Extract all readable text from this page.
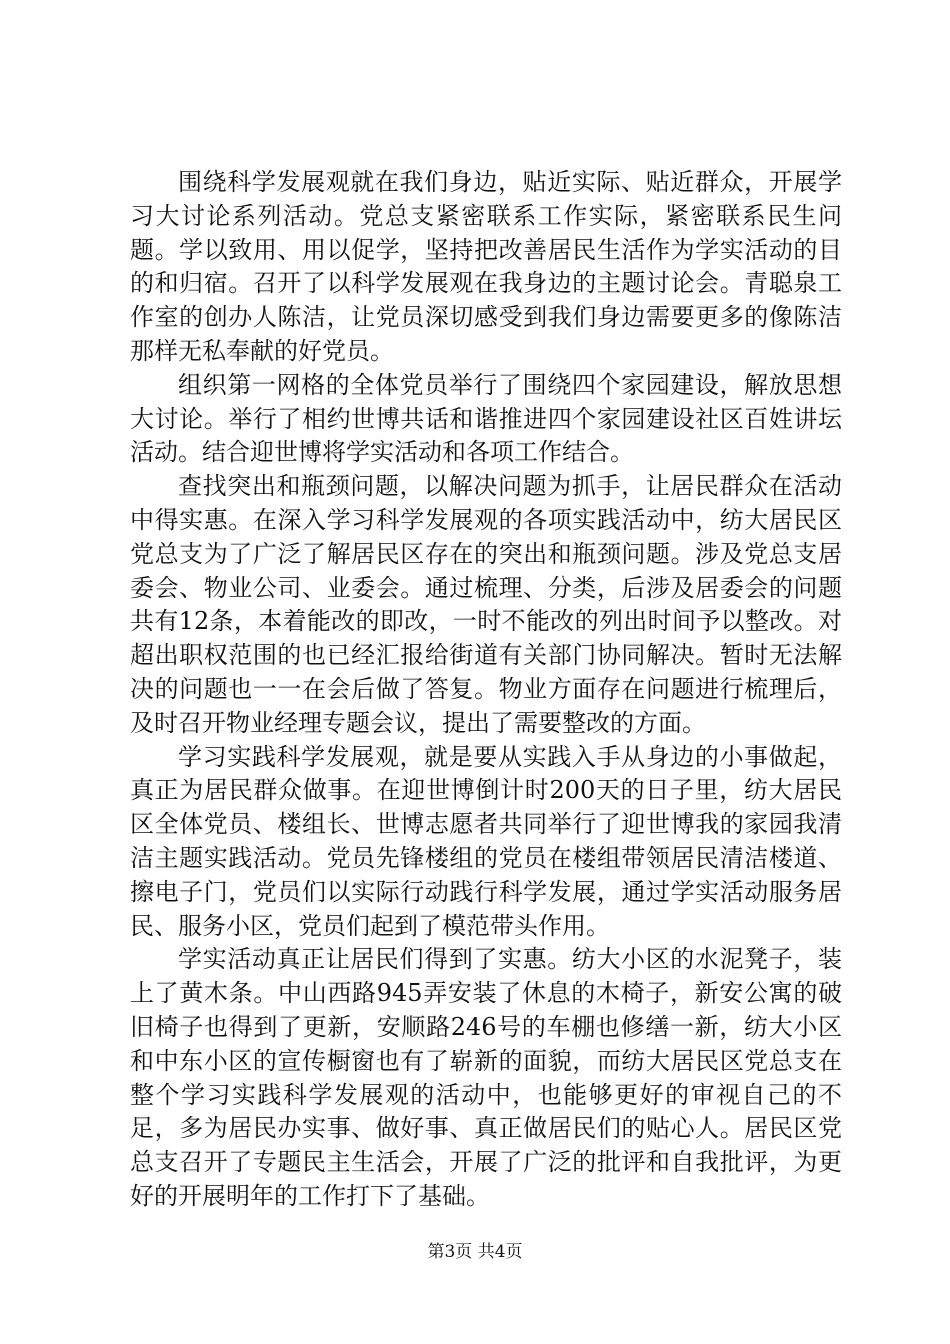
围绕科学发展观就在我们身边，贴近实际、贴近群众，开展学习大讨论系列活动。党总支紧密联系工作实际，紧密联系民生问题。学以致用、用以促学，坚持把改善居民生活作为学实活动的目的和归宿。召开了以科学发展观在我身边的主题讨论会。青聪泉工作室的创办人陈洁，让党员深切感受到我们身边需要更多的像陈洁那样无私奉献的好党员。

组织第一网格的全体党员举行了围绕四个家园建设，解放思想大讨论。举行了相约世博共话和谐推进四个家园建设社区百姓讲坛活动。结合迎世博将学实活动和各项工作结合。

查找突出和瓶颈问题，以解决问题为抓手，让居民群众在活动中得实惠。在深入学习科学发展观的各项实践活动中，纺大居民区党总支为了广泛了解居民区存在的突出和瓶颈问题。涉及党总支居委会、物业公司、业委会。通过梳理、分类，后涉及居委会的问题共有12条，本着能改的即改，一时不能改的列出时间予以整改。对超出职权范围的也已经汇报给街道有关部门协同解决。暂时无法解决的问题也一一在会后做了答复。物业方面存在问题进行梳理后，及时召开物业经理专题会议，提出了需要整改的方面。

学习实践科学发展观，就是要从实践入手从身边的小事做起，真正为居民群众做事。在迎世博倒计时200天的日子里，纺大居民区全体党员、楼组长、世博志愿者共同举行了迎世博我的家园我清洁主题实践活动。党员先锋楼组的党员在楼组带领居民清洁楼道、擦电子门，党员们以实际行动践行科学发展，通过学实活动服务居民、服务小区，党员们起到了模范带头作用。

学实活动真正让居民们得到了实惠。纺大小区的水泥凳子，装上了黄木条。中山西路945弄安装了休息的木椅子，新安公寓的破旧椅子也得到了更新，安顺路246号的车棚也修缮一新，纺大小区和中东小区的宣传橱窗也有了崭新的面貌，而纺大居民区党总支在整个学习实践科学发展观的活动中，也能够更好的审视自己的不足，多为居民办实事、做好事、真正做居民们的贴心人。居民区党总支召开了专题民主生活会，开展了广泛的批评和自我批评，为更好的开展明年的工作打下了基础。

第3页 共4页
